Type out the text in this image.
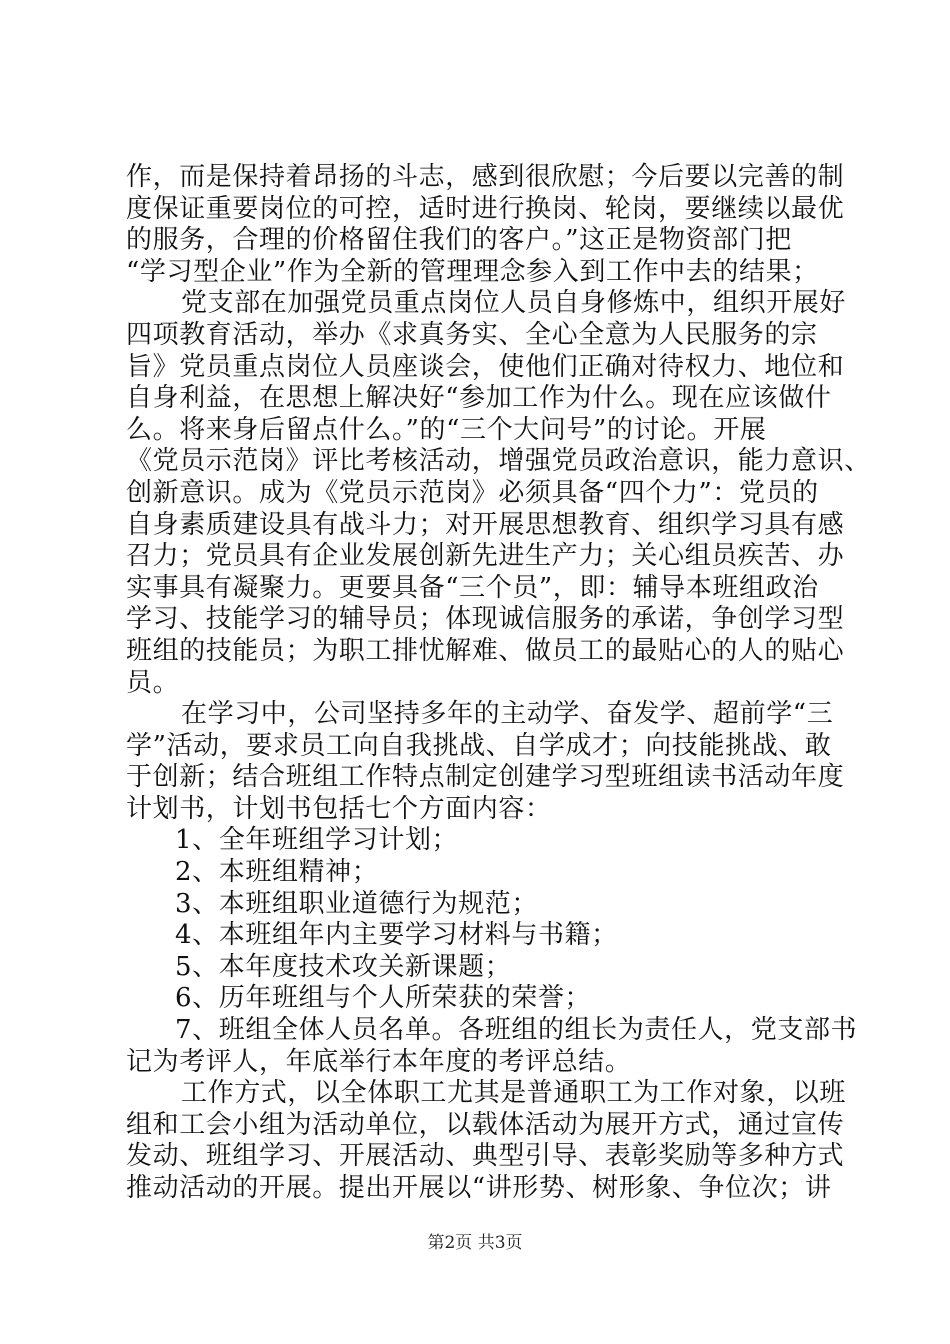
作，而是保持着昂扬的斗志，感到很欣慰；今后要以完善的制
度保证重要岗位的可控，适时进行换岗、轮岗，要继续以最优
的服务，合理的价格留住我们的客户。”这正是物资部门把
“学习型企业”作为全新的管理理念参入到工作中去的结果；
党支部在加强党员重点岗位人员自身修炼中，组织开展好
四项教育活动，举办《求真务实、全心全意为人民服务的宗
旨》党员重点岗位人员座谈会，使他们正确对待权力、地位和
自身利益，在思想上解决好“参加工作为什么。现在应该做什
么。将来身后留点什么。”的“三个大问号”的讨论。开展
《党员示范岗》评比考核活动，增强党员政治意识，能力意识、
创新意识。成为《党员示范岗》必须具备“四个力”：党员的
自身素质建设具有战斗力；对开展思想教育、组织学习具有感
召力；党员具有企业发展创新先进生产力；关心组员疾苦、办
实事具有凝聚力。更要具备“三个员”，即：辅导本班组政治
学习、技能学习的辅导员；体现诚信服务的承诺，争创学习型
班组的技能员；为职工排忧解难、做员工的最贴心的人的贴心
员。
在学习中，公司坚持多年的主动学、奋发学、超前学“三
学”活动，要求员工向自我挑战、自学成才；向技能挑战、敢
于创新；结合班组工作特点制定创建学习型班组读书活动年度
计划书，计划书包括七个方面内容：
1、全年班组学习计划；
2、本班组精神；
3、本班组职业道德行为规范；
4、本班组年内主要学习材料与书籍；
5、本年度技术攻关新课题；
6、历年班组与个人所荣获的荣誉；
7、班组全体人员名单。各班组的组长为责任人，党支部书
记为考评人，年底举行本年度的考评总结。
工作方式，以全体职工尤其是普通职工为工作对象，以班
组和工会小组为活动单位，以载体活动为展开方式，通过宣传
发动、班组学习、开展活动、典型引导、表彰奖励等多种方式
推动活动的开展。提出开展以“讲形势、树形象、争位次；讲
第2页 共3页
